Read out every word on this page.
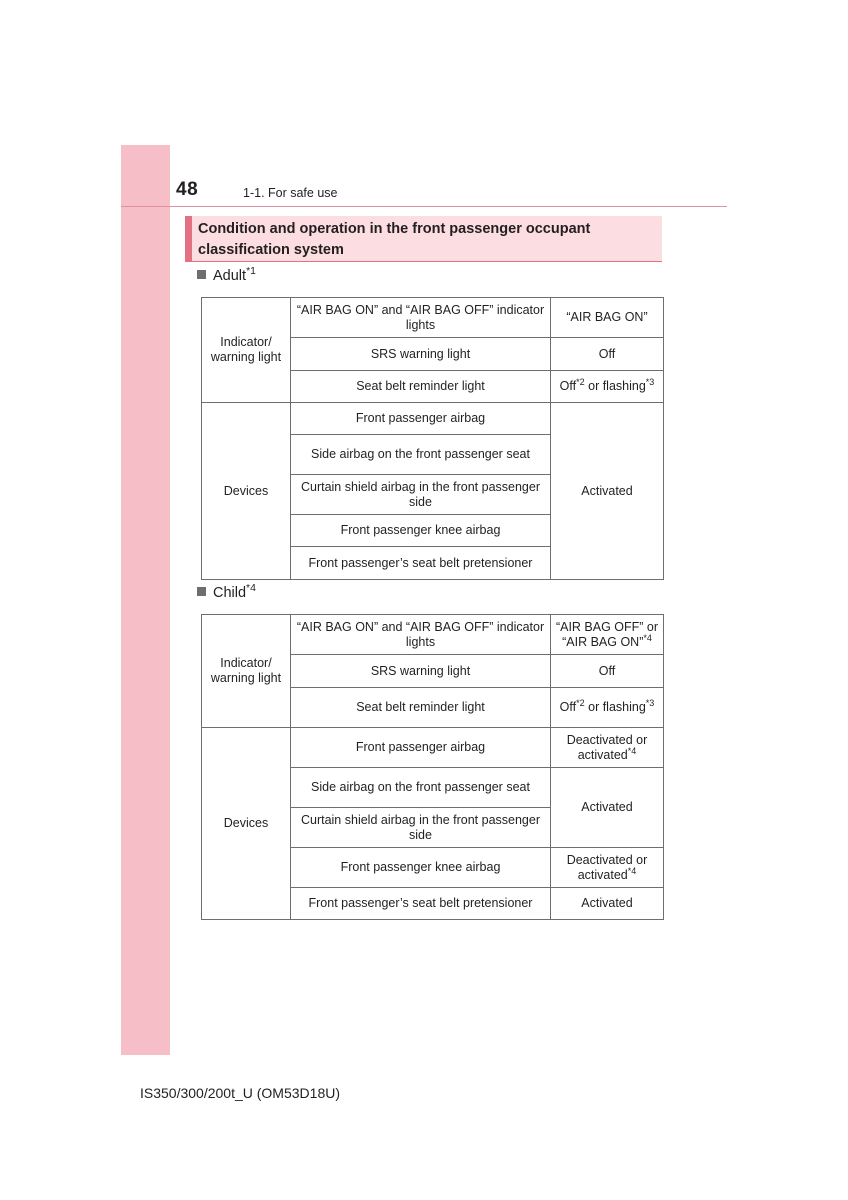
48	1-1. For safe use
Condition and operation in the front passenger occupant classification system
Adult$^{*1}$
Indicator/ warning light	“AIR BAG ON” and “AIR BAG OFF” indicator lights	“AIR BAG ON”
	SRS warning light	Off
	Seat belt reminder light	Off$^{*2}$ or flashing$^{*3}$
Devices	Front passenger airbag	Activated
	Side airbag on the front passenger seat	
	Curtain shield airbag in the front passenger side	
	Front passenger knee airbag	
	Front passenger’s seat belt pretensioner	
Child$^{*4}$
Indicator/ warning light	“AIR BAG ON” and “AIR BAG OFF” indicator lights	“AIR BAG OFF” or “AIR BAG ON”$^{*4}$
	SRS warning light	Off
	Seat belt reminder light	Off$^{*2}$ or flashing$^{*3}$
Devices	Front passenger airbag	Deactivated or activated$^{*4}$
	Side airbag on the front passenger seat	Activated
	Curtain shield airbag in the front passenger side	
	Front passenger knee airbag	Deactivated or activated$^{*4}$
	Front passenger’s seat belt pretensioner	Activated
IS350/300/200t_U (OM53D18U)
